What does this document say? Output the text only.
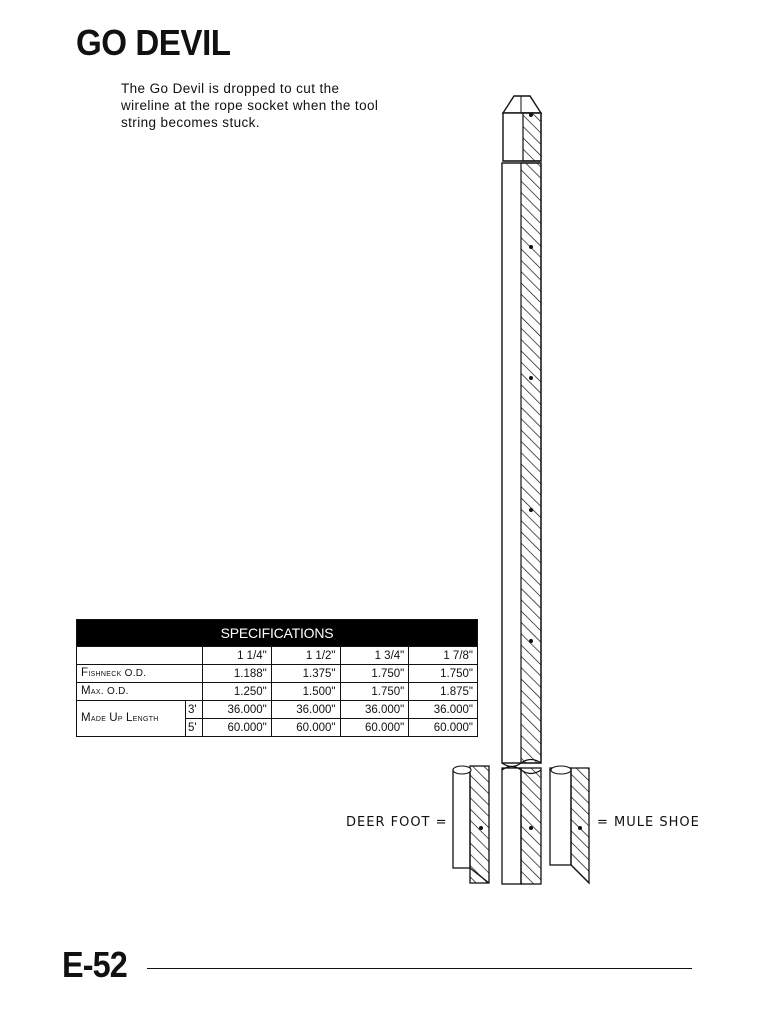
GO DEVIL

The Go Devil is dropped to cut the wireline at the rope socket when the tool string becomes stuck.

SPECIFICATIONS					
		1 1/4"	1 1/2"	1 3/4"	1 7/8"
Fishneck O.D.		1.188"	1.375"	1.750"	1.750"
Max. O.D.		1.250"	1.500"	1.750"	1.875"
Made Up Length	3'	36.000"	36.000"	36.000"	36.000"
	5'	60.000"	60.000"	60.000"	60.000"
DEER FOOT =	= MULE SHOE
E-52
